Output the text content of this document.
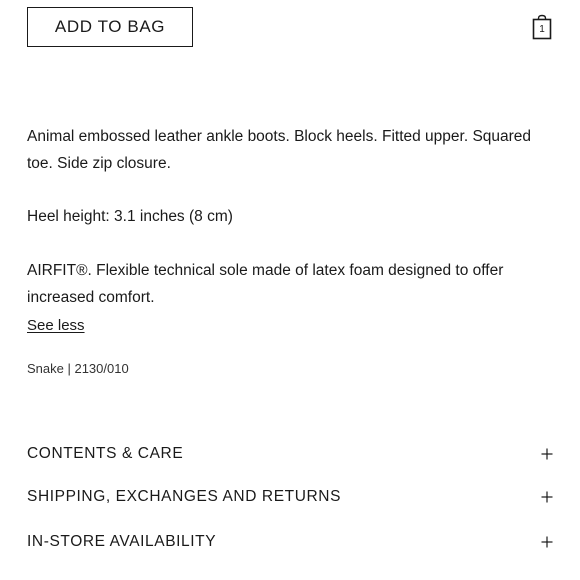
ADD TO BAG	1

Animal embossed leather ankle boots. Block heels. Fitted upper. Squared toe. Side zip closure.

Heel height: 3.1 inches (8 cm)

AIRFIT®. Flexible technical sole made of latex foam designed to offer increased comfort.

See less
Snake | 2130/010
CONTENTS & CARE
SHIPPING, EXCHANGES AND RETURNS
IN-STORE AVAILABILITY
